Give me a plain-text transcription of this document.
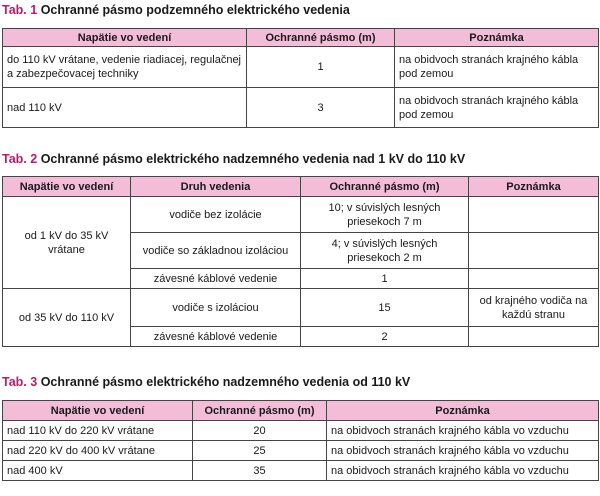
Tab. 1 Ochranné pásmo podzemného elektrického vedenia
Napätie vo vedení	Ochranné pásmo (m)	Poznámka
do 110 kV vrátane, vedenie riadiacej, regulačnej a zabezpečovacej techniky	1	na obidvoch stranách krajného kábla pod zemou
nad 110 kV	3	na obidvoch stranách krajného kábla pod zemou
Tab. 2 Ochranné pásmo elektrického nadzemného vedenia nad 1 kV do 110 kV
Napätie vo vedení	Druh vedenia	Ochranné pásmo (m)	Poznámka
od 1 kV do 35 kV vrátane	vodiče bez izolácie	10; v súvislých lesných priesekoch 7 m	
	vodiče so základnou izoláciou	4; v súvislých lesných priesekoch 2 m	
	závesné káblové vedenie	1	
od 35 kV do 110 kV	vodiče s izoláciou	15	od krajného vodiča na každú stranu
	závesné káblové vedenie	2	
Tab. 3 Ochranné pásmo elektrického nadzemného vedenia od 110 kV
Napätie vo vedení	Ochranné pásmo (m)	Poznámka
nad 110 kV do 220 kV vrátane	20	na obidvoch stranách krajného kábla vo vzduchu
nad 220 kV do 400 kV vrátane	25	na obidvoch stranách krajného kábla vo vzduchu
nad 400 kV	35	na obidvoch stranách krajného kábla vo vzduchu
